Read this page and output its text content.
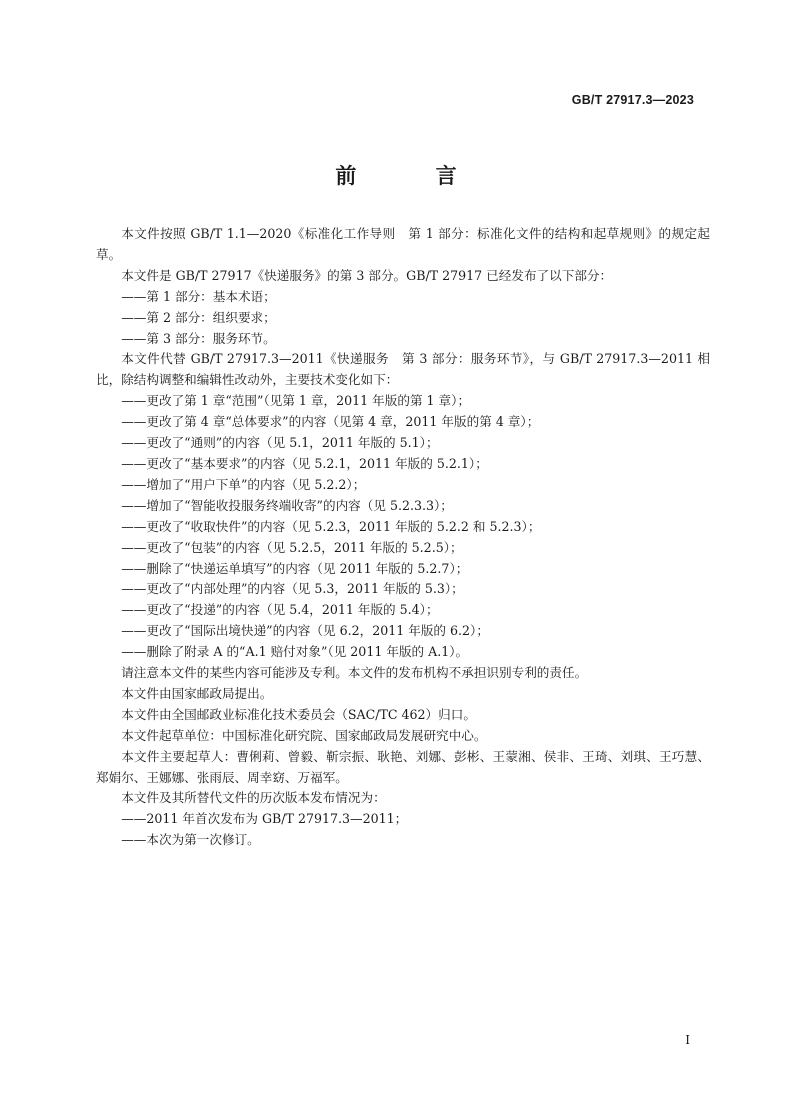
GB/T 27917.3—2023
前 言

本文件按照 GB/T 1.1—2020《标准化工作导则　第 1 部分：标准化文件的结构和起草规则》的规定起草。

本文件是 GB/T 27917《快递服务》的第 3 部分。GB/T 27917 已经发布了以下部分：

——第 1 部分：基本术语；

——第 2 部分：组织要求；

——第 3 部分：服务环节。

本文件代替 GB/T 27917.3—2011《快递服务　第 3 部分：服务环节》，与 GB/T 27917.3—2011 相比，除结构调整和编辑性改动外，主要技术变化如下：

——更改了第 1 章“范围”（见第 1 章，2011 年版的第 1 章）；

——更改了第 4 章“总体要求”的内容（见第 4 章，2011 年版的第 4 章）；

——更改了“通则”的内容（见 5.1，2011 年版的 5.1）；

——更改了“基本要求”的内容（见 5.2.1，2011 年版的 5.2.1）；

——增加了“用户下单”的内容（见 5.2.2）；

——增加了“智能收投服务终端收寄”的内容（见 5.2.3.3）；

——更改了“收取快件”的内容（见 5.2.3，2011 年版的 5.2.2 和 5.2.3）；

——更改了“包装”的内容（见 5.2.5，2011 年版的 5.2.5）；

——删除了“快递运单填写”的内容（见 2011 年版的 5.2.7）；

——更改了“内部处理”的内容（见 5.3，2011 年版的 5.3）；

——更改了“投递”的内容（见 5.4，2011 年版的 5.4）；

——更改了“国际出境快递”的内容（见 6.2，2011 年版的 6.2）；

——删除了附录 A 的“A.1 赔付对象”（见 2011 年版的 A.1）。

请注意本文件的某些内容可能涉及专利。本文件的发布机构不承担识别专利的责任。

本文件由国家邮政局提出。

本文件由全国邮政业标准化技术委员会（SAC/TC 462）归口。

本文件起草单位：中国标准化研究院、国家邮政局发展研究中心。

本文件主要起草人：曹俐莉、曾毅、靳宗振、耿艳、刘娜、彭彬、王蒙湘、侯非、王琦、刘琪、王巧慧、郑娟尔、王娜娜、张雨辰、周幸窈、万福军。

本文件及其所替代文件的历次版本发布情况为：

——2011 年首次发布为 GB/T 27917.3—2011；

——本次为第一次修订。

I
